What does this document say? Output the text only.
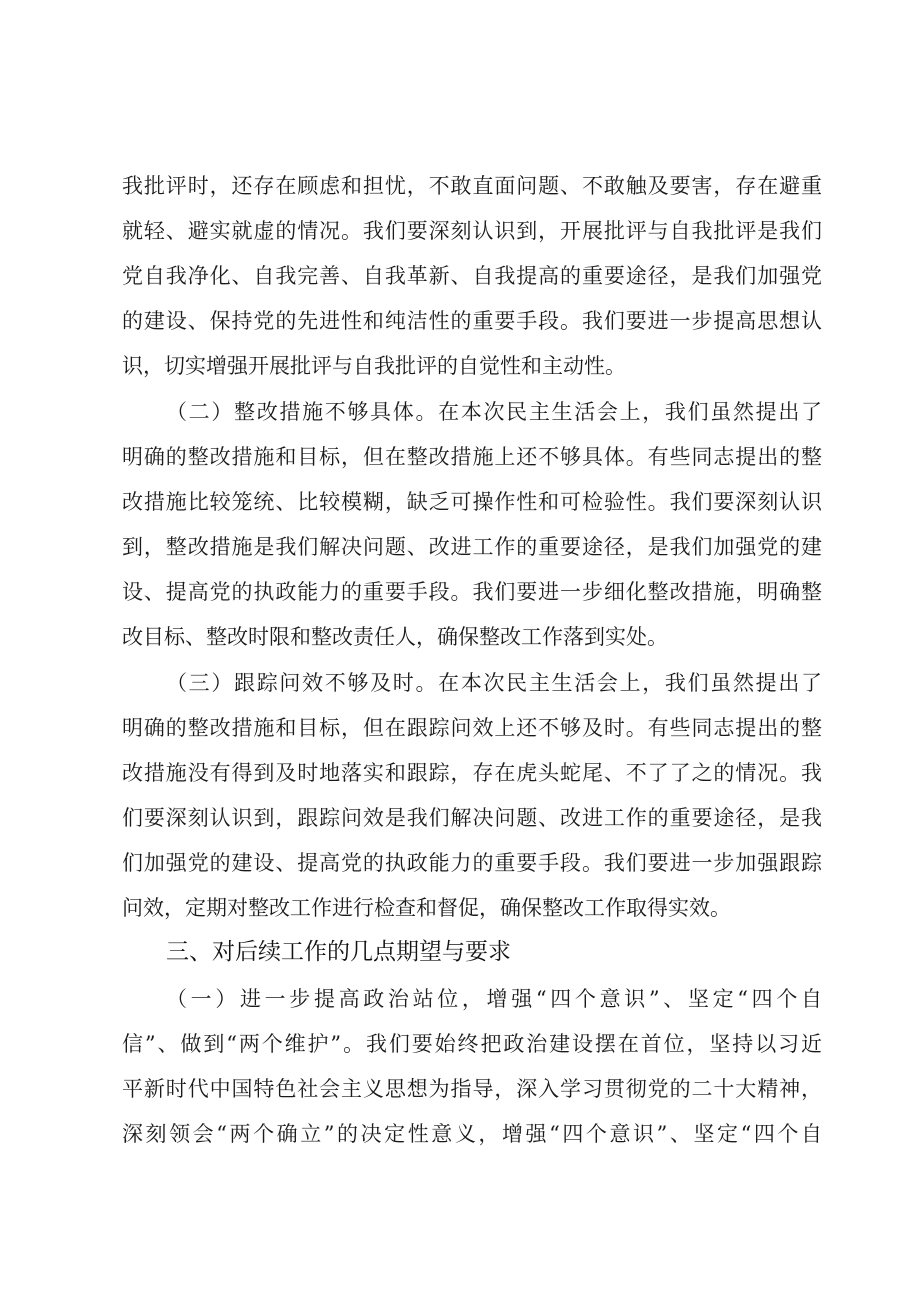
我批评时，还存在顾虑和担忧，不敢直面问题、不敢触及要害，存在避重
就轻、避实就虚的情况。我们要深刻认识到，开展批评与自我批评是我们
党自我净化、自我完善、自我革新、自我提高的重要途径，是我们加强党
的建设、保持党的先进性和纯洁性的重要手段。我们要进一步提高思想认
识，切实增强开展批评与自我批评的自觉性和主动性。
（二）整改措施不够具体。在本次民主生活会上，我们虽然提出了
明确的整改措施和目标，但在整改措施上还不够具体。有些同志提出的整
改措施比较笼统、比较模糊，缺乏可操作性和可检验性。我们要深刻认识
到，整改措施是我们解决问题、改进工作的重要途径，是我们加强党的建
设、提高党的执政能力的重要手段。我们要进一步细化整改措施，明确整
改目标、整改时限和整改责任人，确保整改工作落到实处。
（三）跟踪问效不够及时。在本次民主生活会上，我们虽然提出了
明确的整改措施和目标，但在跟踪问效上还不够及时。有些同志提出的整
改措施没有得到及时地落实和跟踪，存在虎头蛇尾、不了了之的情况。我
们要深刻认识到，跟踪问效是我们解决问题、改进工作的重要途径，是我
们加强党的建设、提高党的执政能力的重要手段。我们要进一步加强跟踪
问效，定期对整改工作进行检查和督促，确保整改工作取得实效。
三、对后续工作的几点期望与要求
（一）进一步提高政治站位，增强“四个意识”、坚定“四个自
信”、做到“两个维护”。我们要始终把政治建设摆在首位，坚持以习近
平新时代中国特色社会主义思想为指导，深入学习贯彻党的二十大精神，
深刻领会“两个确立”的决定性意义，增强“四个意识”、坚定“四个自
